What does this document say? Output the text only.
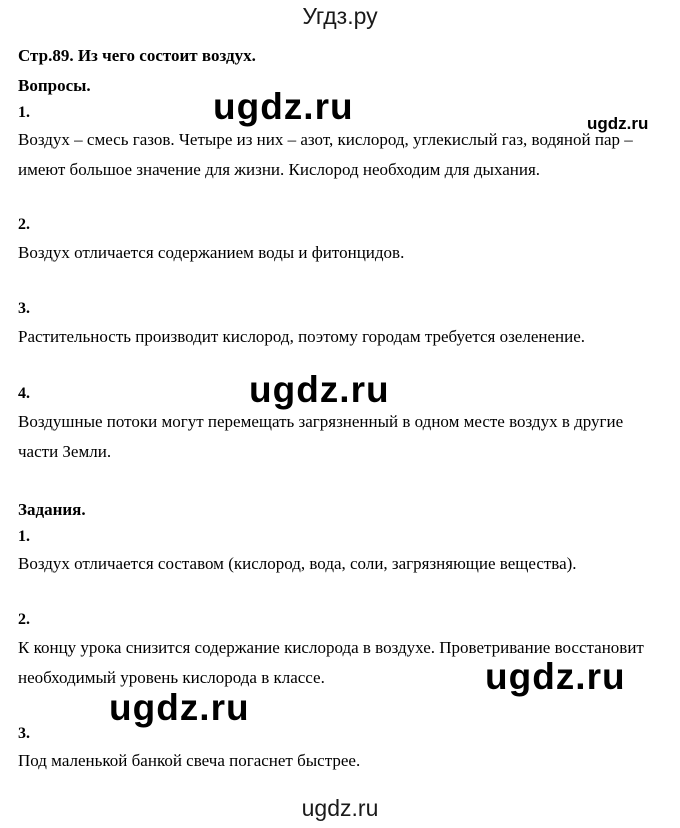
Угдз.ру
Стр.89. Из чего состоит воздух.
Вопросы.
1.
Воздух – смесь газов. Четыре из них – азот, кислород, углекислый газ, водяной пар – имеют большое значение для жизни. Кислород необходим для дыхания.
2.
Воздух отличается содержанием воды и фитонцидов.
3.
Растительность производит кислород, поэтому городам требуется озеленение.
4.
Воздушные потоки могут перемещать загрязненный в одном месте воздух в другие части Земли.
Задания.
1.
Воздух отличается составом (кислород, вода, соли, загрязняющие вещества).
2.
К концу урока снизится содержание кислорода в воздухе. Проветривание восстановит необходимый уровень кислорода в классе.
3.
Под маленькой банкой свеча погаснет быстрее.
ugdz.ru	ugdz.ru
ugdz.ru
ugdz.ru
ugdz.ru
ugdz.ru
